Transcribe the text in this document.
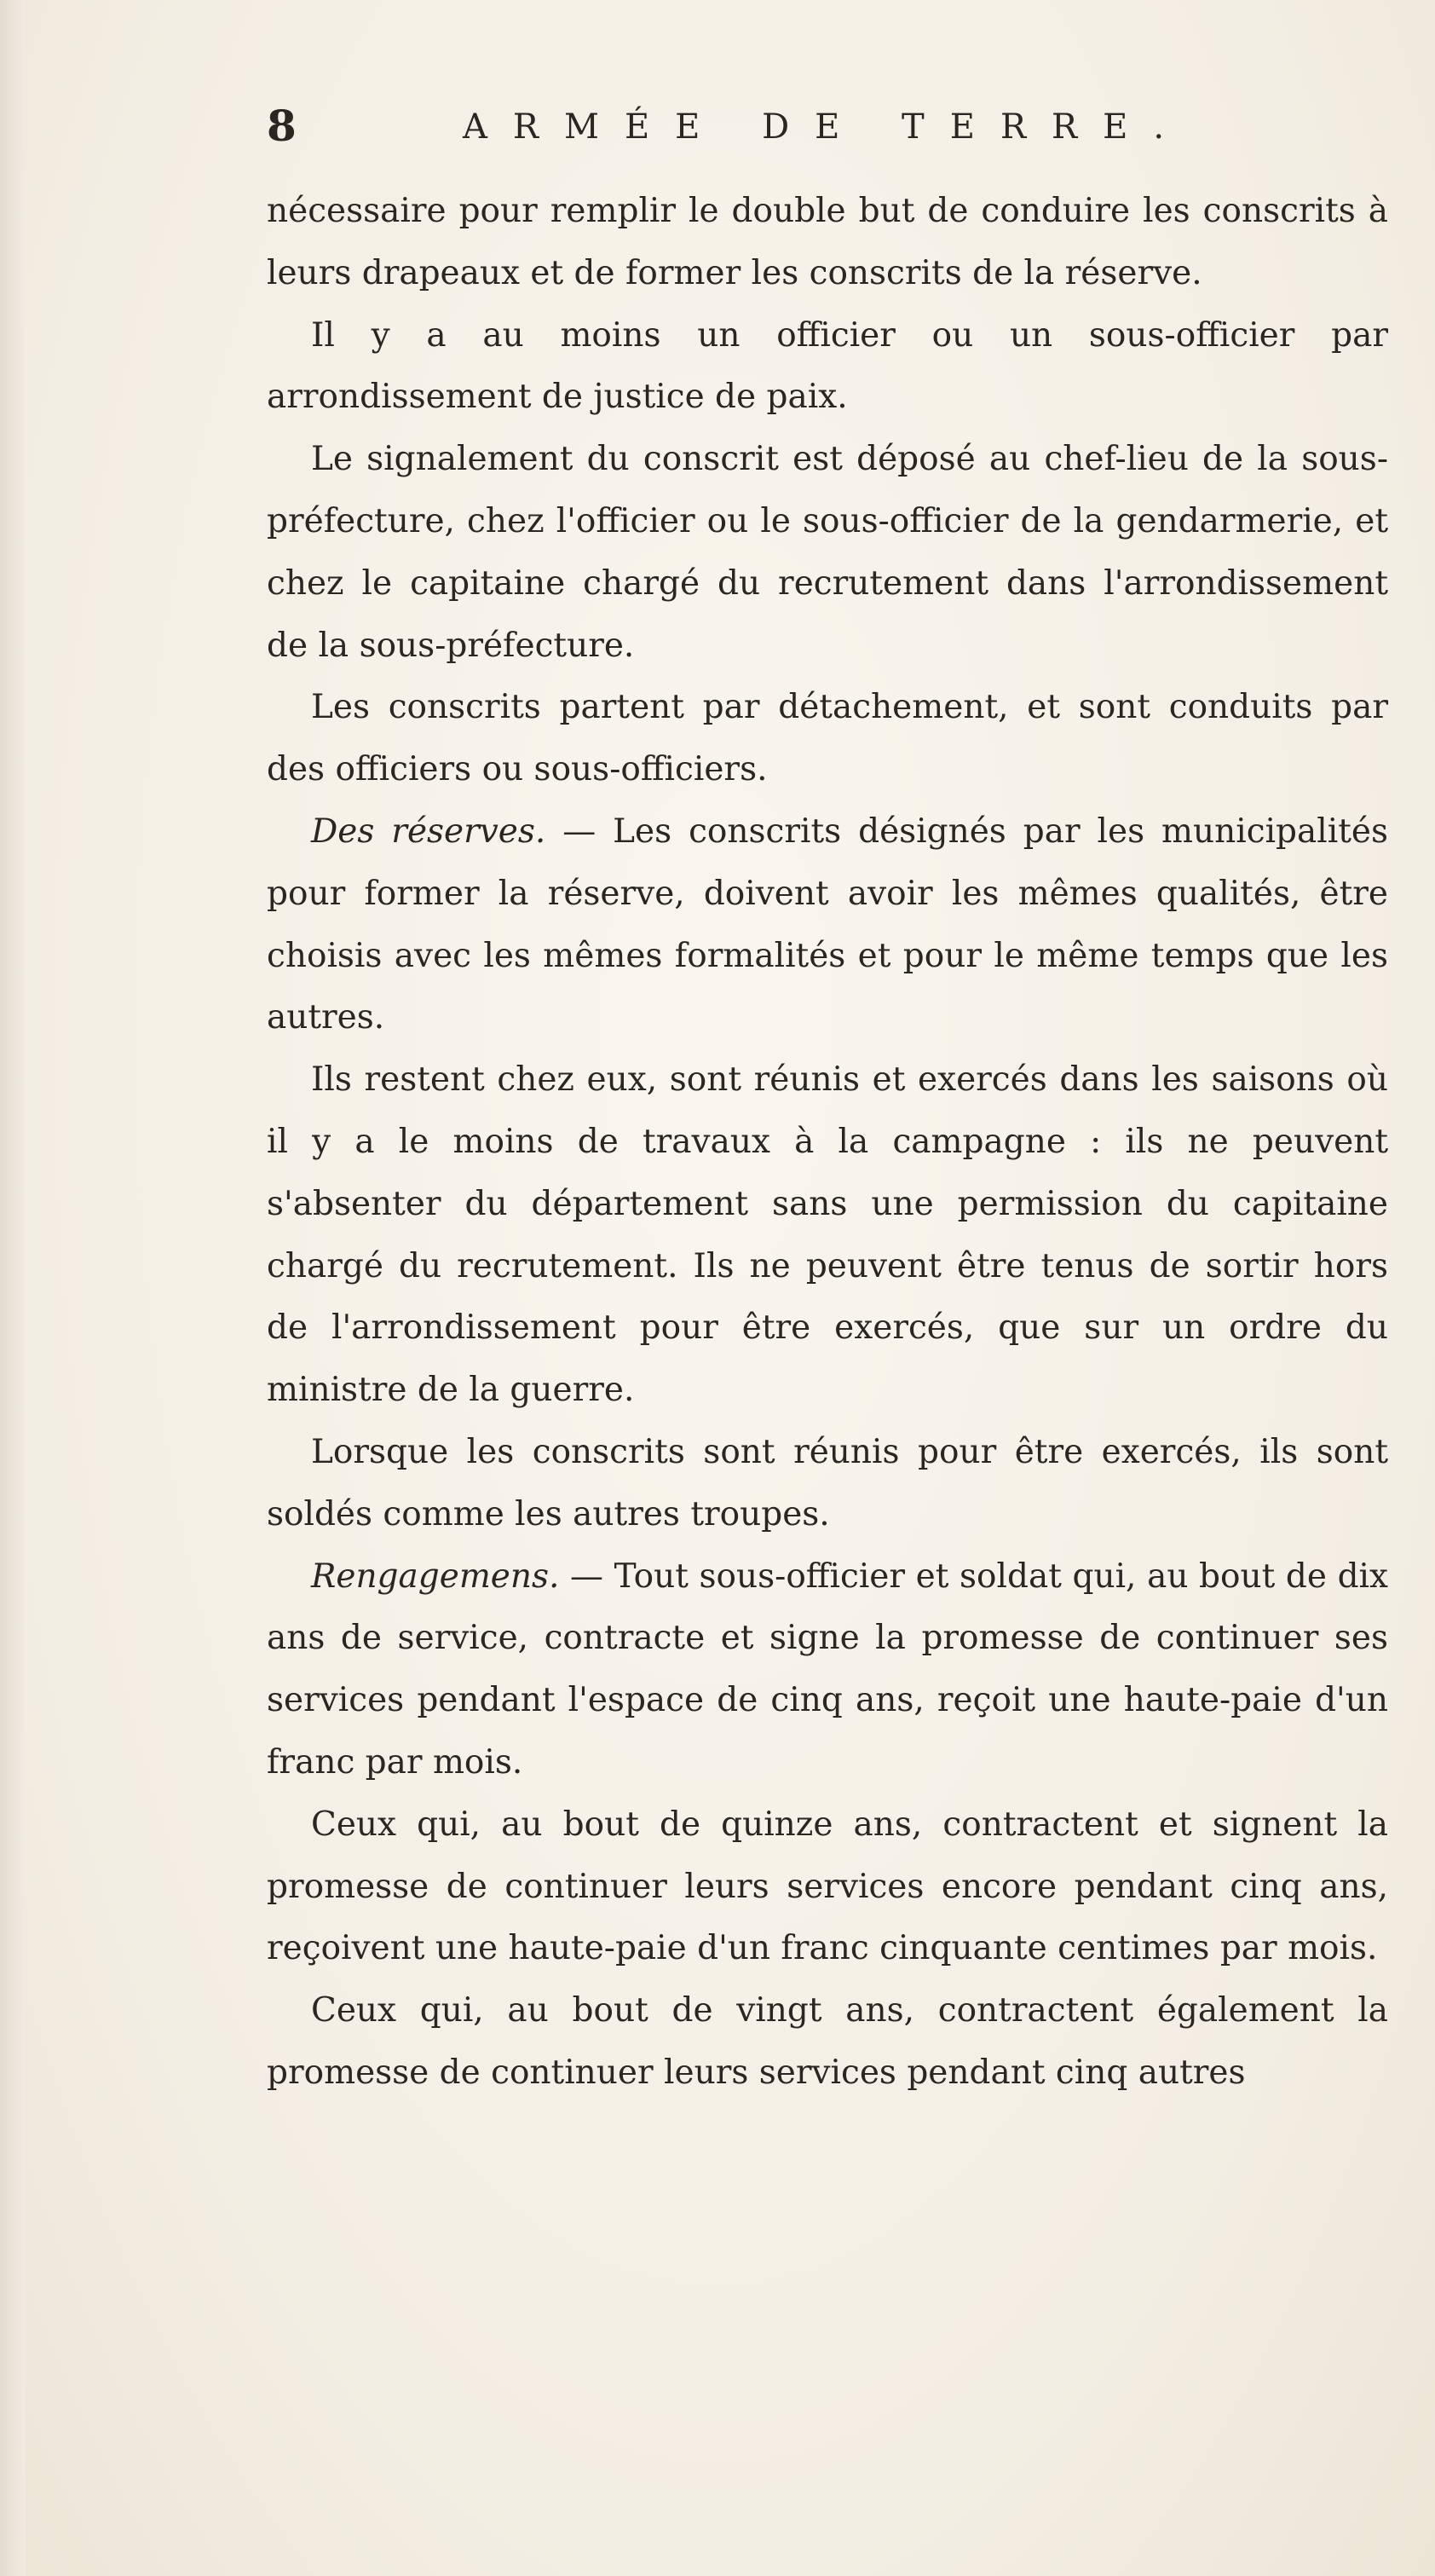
8	ARMÉE DE TERRE.

nécessaire pour remplir le double but de conduire les conscrits à leurs drapeaux et de former les conscrits de la réserve.

Il y a au moins un officier ou un sous-officier par arrondissement de justice de paix.

Le signalement du conscrit est déposé au chef-lieu de la sous-préfecture, chez l'officier ou le sous-officier de la gendarmerie, et chez le capitaine chargé du recrutement dans l'arrondissement de la sous-préfecture.

Les conscrits partent par détachement, et sont conduits par des officiers ou sous-officiers.

Des réserves. — Les conscrits désignés par les municipalités pour former la réserve, doivent avoir les mêmes qualités, être choisis avec les mêmes formalités et pour le même temps que les autres.

Ils restent chez eux, sont réunis et exercés dans les saisons où il y a le moins de travaux à la campagne : ils ne peuvent s'absenter du département sans une permission du capitaine chargé du recrutement. Ils ne peuvent être tenus de sortir hors de l'arrondissement pour être exercés, que sur un ordre du ministre de la guerre.

Lorsque les conscrits sont réunis pour être exercés, ils sont soldés comme les autres troupes.

Rengagemens. — Tout sous-officier et soldat qui, au bout de dix ans de service, contracte et signe la promesse de continuer ses services pendant l'espace de cinq ans, reçoit une haute-paie d'un franc par mois.

Ceux qui, au bout de quinze ans, contractent et signent la promesse de continuer leurs services encore pendant cinq ans, reçoivent une haute-paie d'un franc cinquante centimes par mois.

Ceux qui, au bout de vingt ans, contractent également la promesse de continuer leurs services pendant cinq autres
